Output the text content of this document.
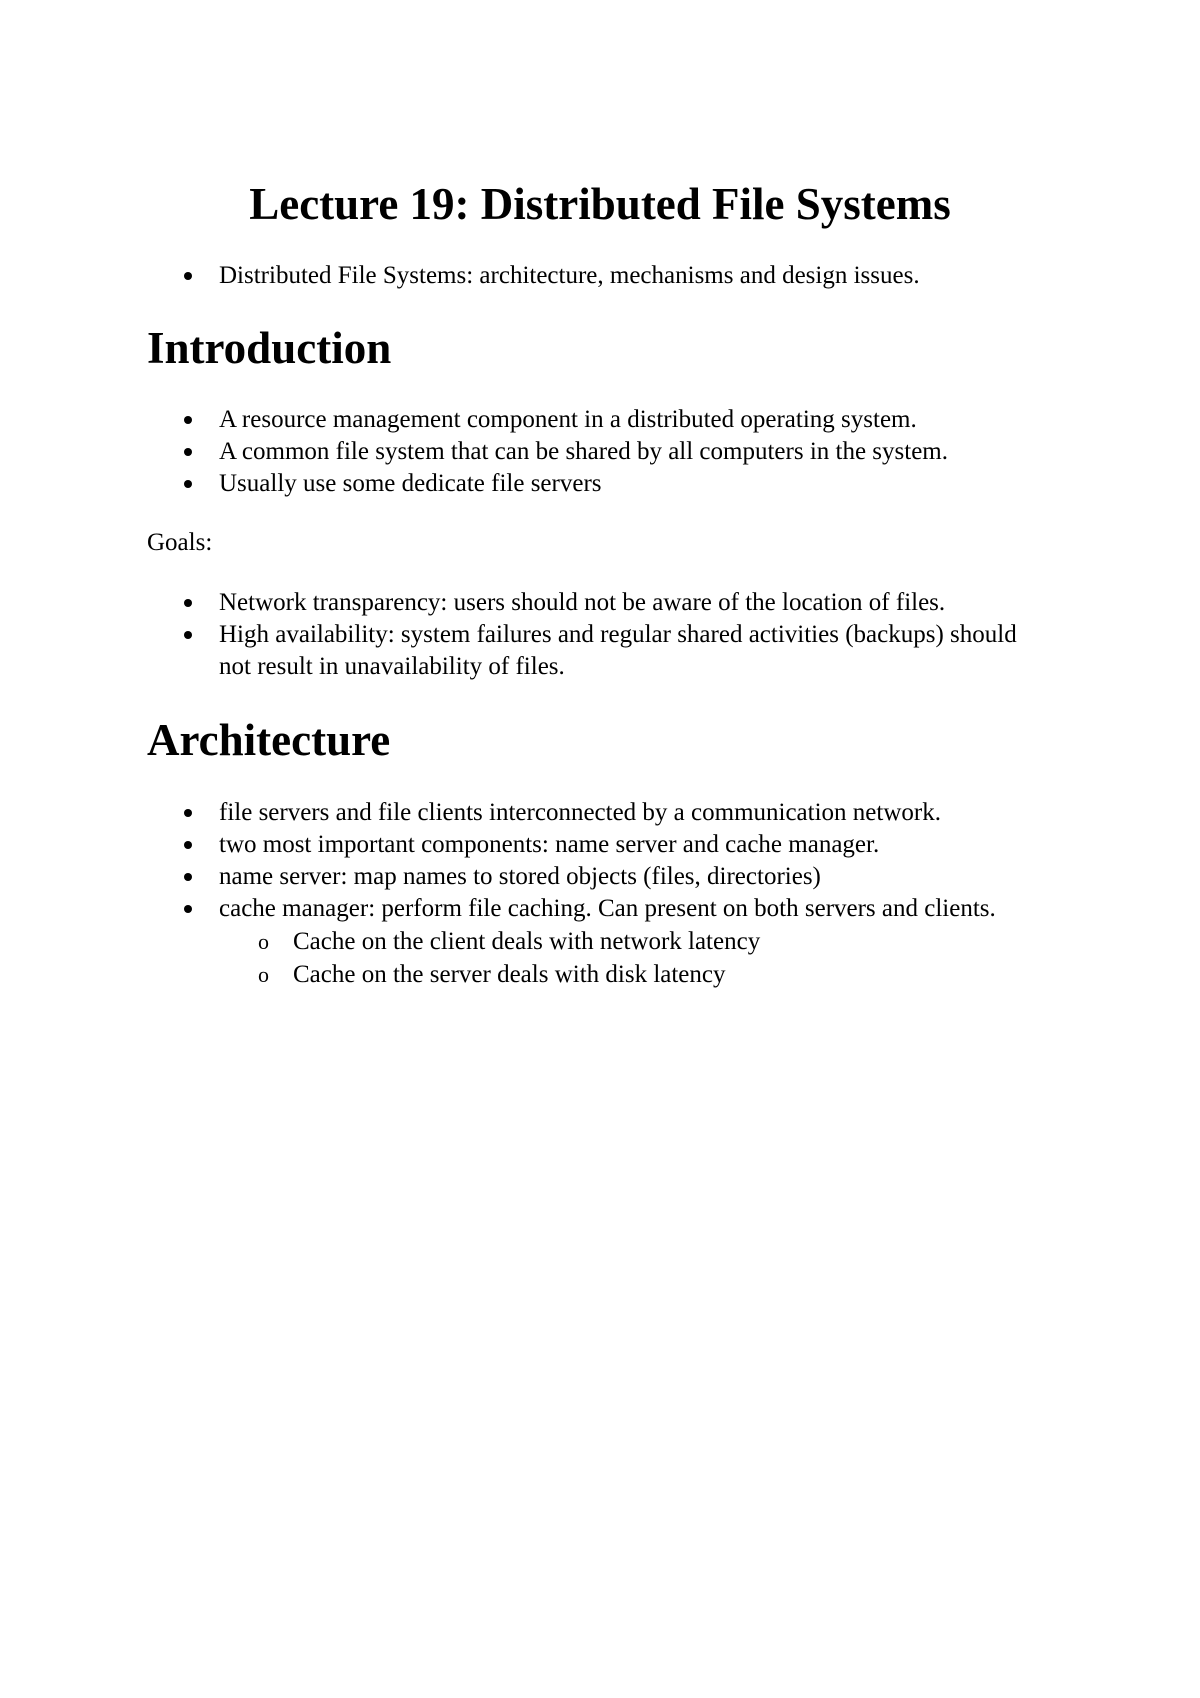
Lecture 19: Distributed File Systems
Distributed File Systems: architecture, mechanisms and design issues.
Introduction
A resource management component in a distributed operating system.
A common file system that can be shared by all computers in the system.
Usually use some dedicate file servers

Goals:

Network transparency: users should not be aware of the location of files.
High availability: system failures and regular shared activities (backups) should not result in unavailability of files.
Architecture
file servers and file clients interconnected by a communication network.
two most important components: name server and cache manager.
name server: map names to stored objects (files, directories)
cache manager: perform file caching. Can present on both servers and clients.
o Cache on the client deals with network latency
o Cache on the server deals with disk latency
